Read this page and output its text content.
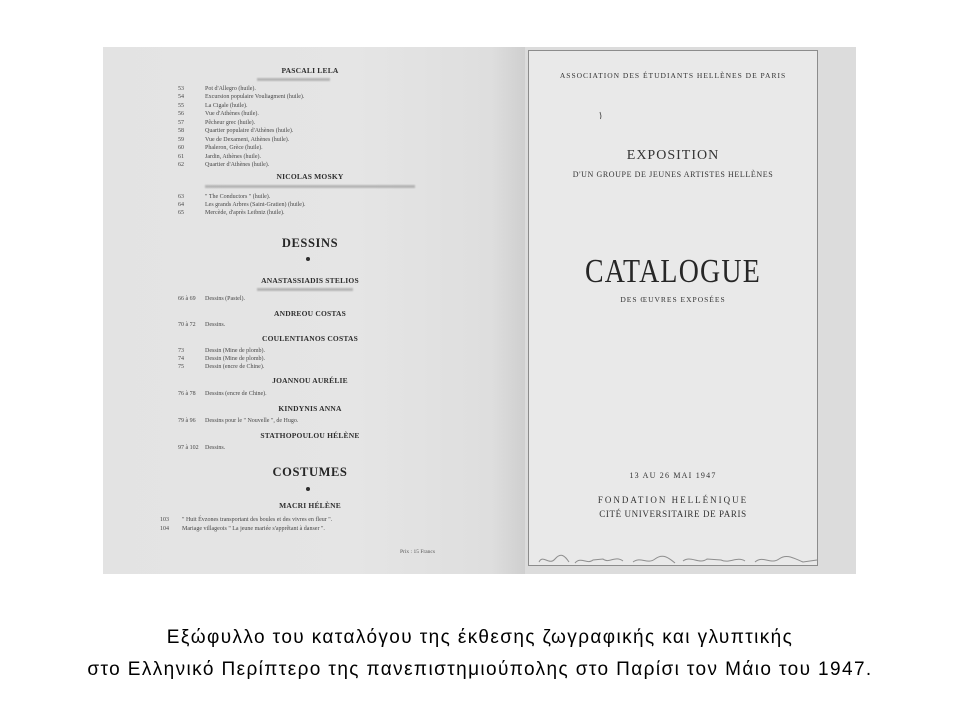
PASCALI LELA
53	Pot d'Allegro (huile).
54	Excursion populaire Vouliagmeni (huile).
55	La Cigale (huile).
56	Vue d'Athènes (huile).
57	Pêcheur grec (huile).
58	Quartier populaire d'Athènes (huile).
59	Vue de Dexameni, Athènes (huile).
60	Phaleron, Grèce (huile).
61	Jardin, Athènes (huile).
62	Quartier d'Athènes (huile).
NICOLAS MOSKY
63	" The Conductors " (huile).
64	Les grands Arbres (Saint-Gratien) (huile).
65	Mercède, d'après Leibniz (huile).
DESSINS
ANASTASSIADIS STELIOS
66 à 69 Dessins (Pastel).
ANDREOU COSTAS
70 à 72 Dessins.
COULENTIANOS COSTAS
73	Dessin (Mine de plomb).
74	Dessin (Mine de plomb).
75	Dessin (encre de Chine).
JOANNOU AURÉLIE
76 à 78 Dessins (encre de Chine).
KINDYNIS ANNA
79 à 96 Dessins pour le " Nouvelle ", de Hugo.
STATHOPOULOU HÉLÈNE
97 à 102 Dessins.
COSTUMES
MACRI HÉLÈNE
103 " Huit Évzones transportant des boules et des vivres en fleur ".
104 Mariage villageois " La jeune mariée s'apprêtant à danser ".
Prix : 15 Francs
ASSOCIATION DES ÉTUDIANTS HELLÈNES DE PARIS
EXPOSITION
D'UN GROUPE DE JEUNES ARTISTES HELLÈNES
CATALOGUE
DES ŒUVRES EXPOSÉES
13 AU 26 MAI 1947
FONDATION HELLÉNIQUE
CITÉ UNIVERSITAIRE DE PARIS
Εξώφυλλο του καταλόγου της έκθεσης ζωγραφικής και γλυπτικής
στο Ελληνικό Περίπτερο της πανεπιστημιούπολης στο Παρίσι τον Μάιο του 1947.
